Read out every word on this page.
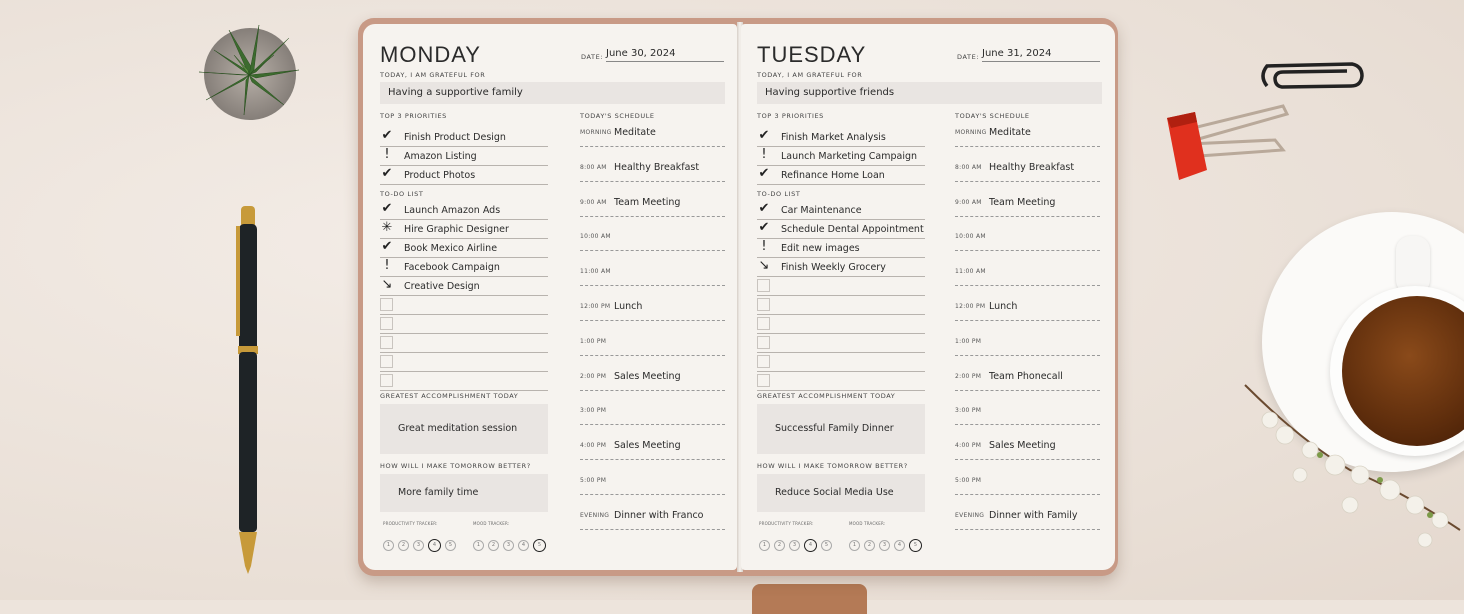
MONDAY	DATE: June 30, 2024
TODAY, I AM GRATEFUL FOR
Having a supportive family
TOP 3 PRIORITIES
✔ Finish Product Design
!	Amazon Listing
✔ Product Photos
TO-DO LIST
✔ Launch Amazon Ads
✳ Hire Graphic Designer
✔ Book Mexico Airline
!	Facebook Campaign
↘ Creative Design
TODAY'S SCHEDULE
MORNING Meditate
8:00 AM Healthy Breakfast
9:00 AM Team Meeting
10:00 AM
11:00 AM
12:00 PM Lunch
1:00 PM
2:00 PM Sales Meeting
3:00 PM
4:00 PM Sales Meeting
5:00 PM
EVENING Dinner with Franco
GREATEST ACCOMPLISHMENT TODAY
Great meditation session
HOW WILL I MAKE TOMORROW BETTER?
More family time
PRODUCTIVITY TRACKER:
1 2 3	4	5
MOOD TRACKER:
1 2 3 4	5
TUESDAY	DATE: June 31, 2024
TODAY, I AM GRATEFUL FOR
Having supportive friends
TOP 3 PRIORITIES
✔ Finish Market Analysis
!	Launch Marketing Campaign
✔ Refinance Home Loan
TO-DO LIST
✔ Car Maintenance
✔ Schedule Dental Appointment
!	Edit new images
↘ Finish Weekly Grocery
TODAY'S SCHEDULE
MORNING Meditate
8:00 AM Healthy Breakfast
9:00 AM Team Meeting
10:00 AM
11:00 AM
12:00 PM Lunch
1:00 PM
2:00 PM Team Phonecall
3:00 PM
4:00 PM Sales Meeting
5:00 PM
EVENING Dinner with Family
GREATEST ACCOMPLISHMENT TODAY
Successful Family Dinner
HOW WILL I MAKE TOMORROW BETTER?
Reduce Social Media Use
PRODUCTIVITY TRACKER:
1 2 3	4	5
MOOD TRACKER:
1 2 3 4	5
